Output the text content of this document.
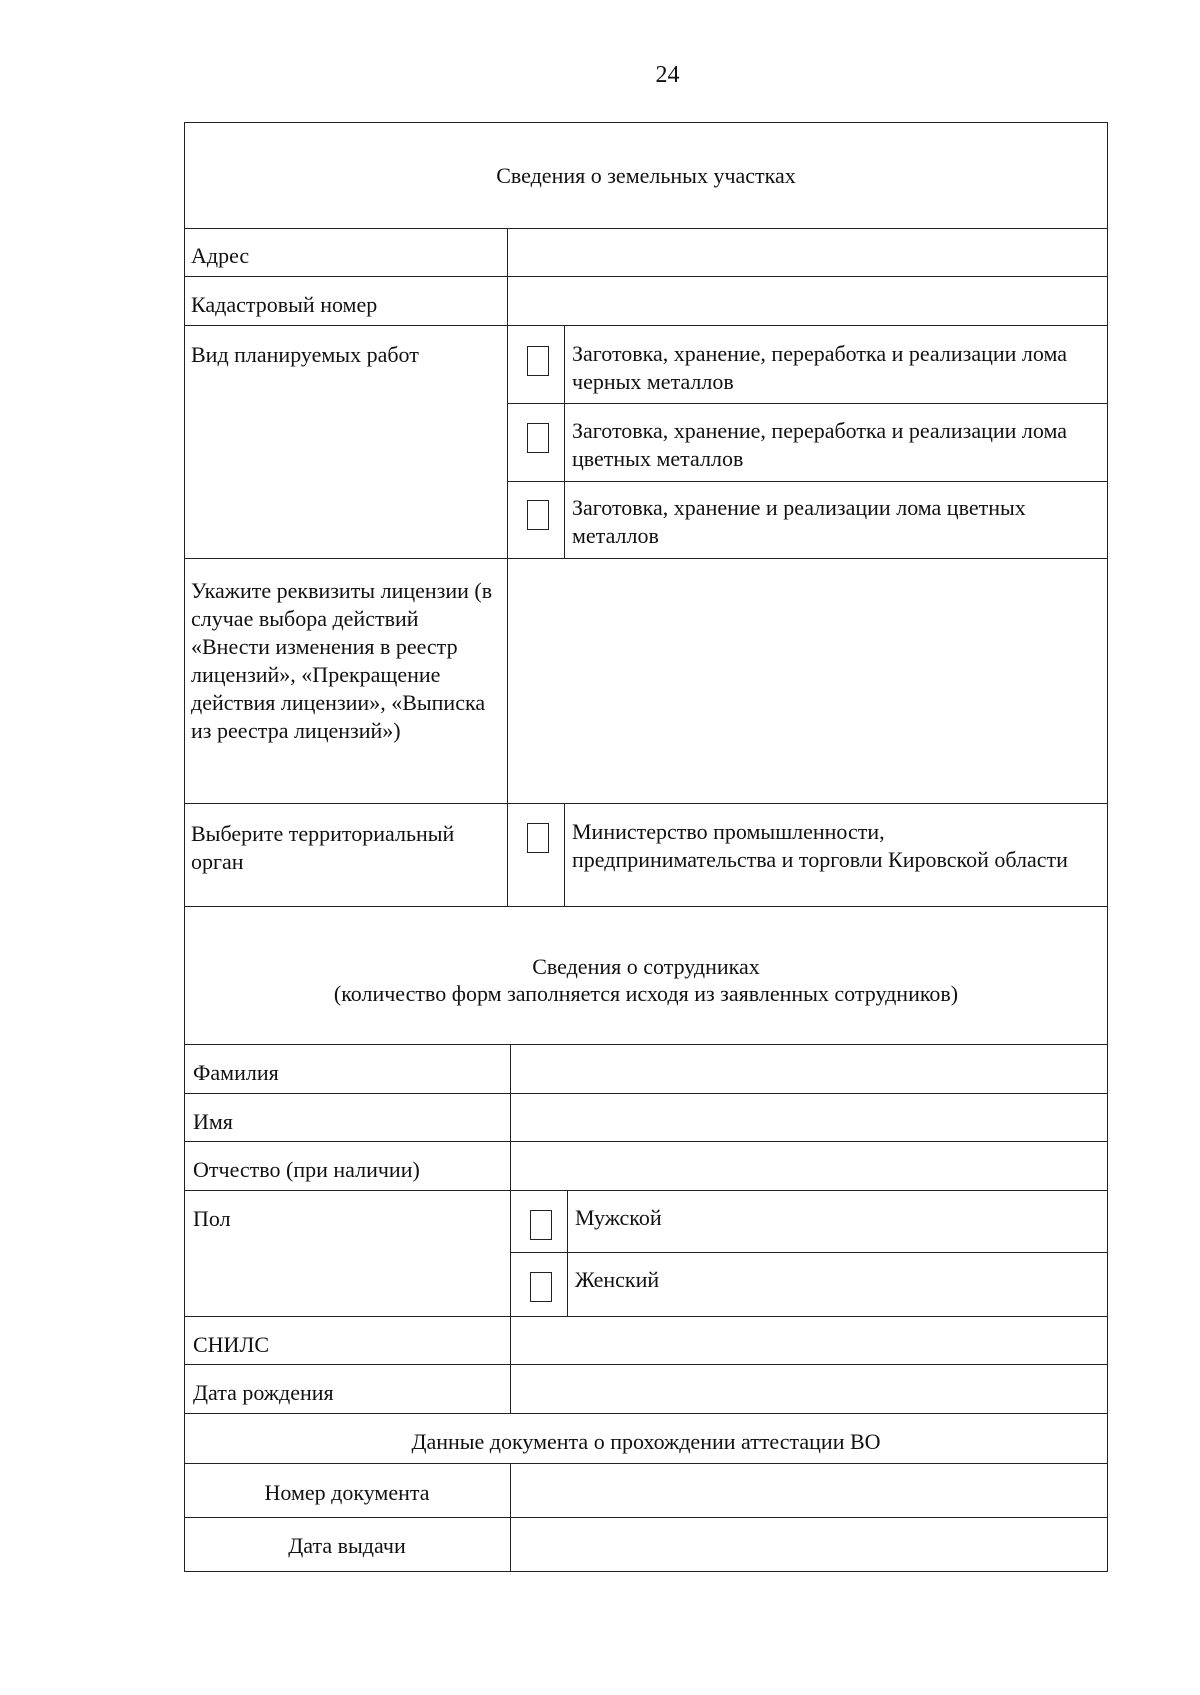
24
Сведения о земельных участках
Адрес
Кадастровый номер
Вид планируемых работ	Заготовка, хранение, переработка и реализации лома черных металлов
Заготовка, хранение, переработка и реализации лома цветных металлов
Заготовка, хранение и реализации лома цветных металлов
Укажите реквизиты лицензии (в случае выбора действий «Внести изменения в реестр лицензий», «Прекращение действия лицензии», «Выписка из реестра лицензий»)
Выберите территориальный орган
Министерство промышленности, предпринимательства и торговли Кировской области
Сведения о сотрудниках
(количество форм заполняется исходя из заявленных сотрудников)
Фамилия
Имя
Отчество (при наличии)
Пол	Мужской
Женский
СНИЛС
Дата рождения
Данные документа о прохождении аттестации ВО
Номер документа
Дата выдачи
